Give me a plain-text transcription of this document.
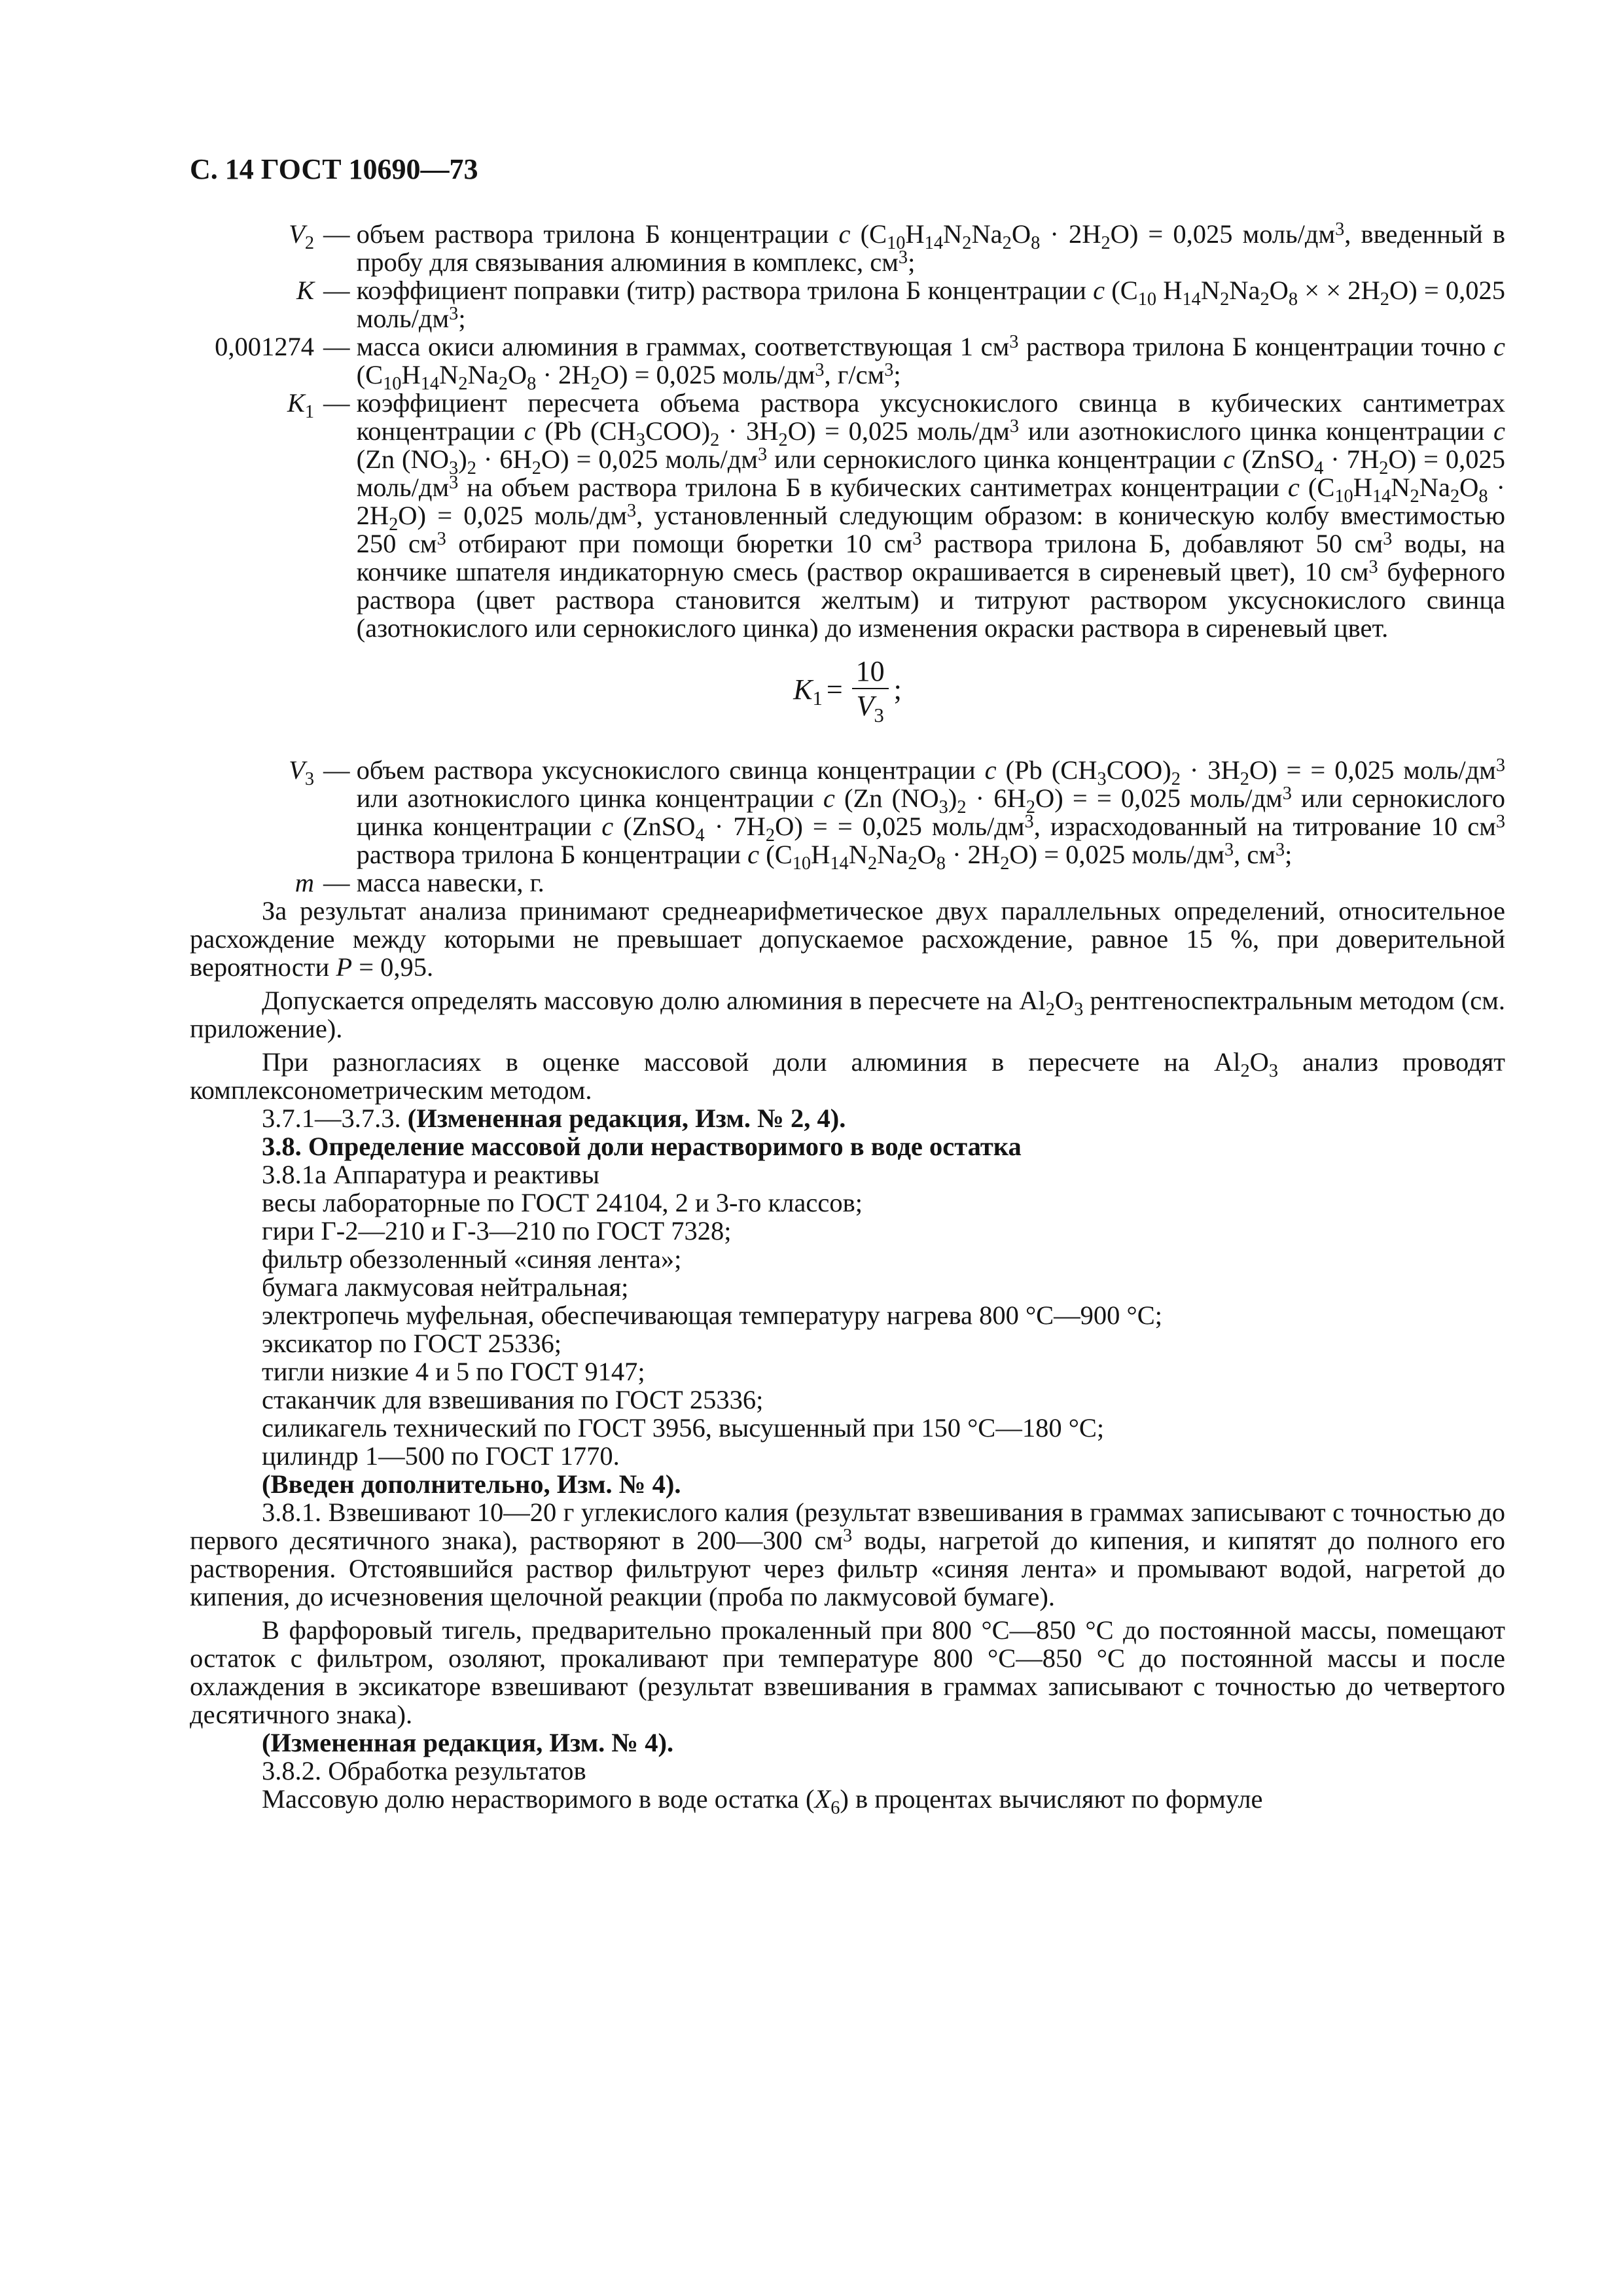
С. 14 ГОСТ 10690—73
$V_2$ — объем раствора трилона Б концентрации c $(C_{10}H_{14}N_2Na_2O_8 \cdot 2H_2O) = 0,025$ моль/$дм^3$, введенный в пробу для связывания алюминия в комплекс, $см^3$;
K — коэффициент поправки (титр) раствора трилона Б концентрации c ($C_{10}$ $H_{14}N_2Na_2O_8$ × × $2H_2O) = 0,025$ моль/$дм^3$;
0,001274 — масса окиси алюминия в граммах, соответствующая 1 $см^3$ раствора трилона Б концентрации точно c $(C_{10}H_{14}N_2Na_2O_8 \cdot 2H_2O) = 0,025$ моль/$дм^3$, $г/см^3$;
$K_1$ — коэффициент пересчета объема раствора уксуснокислого свинца в кубических сантиметрах концентрации c (Pb $(CH_3COO)_2 \cdot 3H_2O) = 0,025$ моль/$дм^3$ или азотнокислого цинка концентрации c (Zn $(NO_3)_2 \cdot 6H_2O) = 0,025$ моль/$дм^3$ или сернокислого цинка концентрации c (ZnSO$_4$ · $7H_2O) = 0,025$ моль/$дм^3$ на объем раствора трилона Б в кубических сантиметрах концентрации c $(C_{10}H_{14}N_2Na_2O_8 \cdot 2H_2O) = 0,025$ моль/$дм^3$, установленный следующим образом: в коническую колбу вместимостью 250 $см^3$ отбирают при помощи бюретки 10 $см^3$ раствора трилона Б, добавляют 50 $см^3$ воды, на кончике шпателя индикаторную смесь (раствор окрашивается в сиреневый цвет), 10 $см^3$ буферного раствора (цвет раствора становится желтым) и титруют раствором уксуснокислого свинца (азотнокислого или сернокислого цинка) до изменения окраски раствора в сиреневый цвет.
$K_1 = \frac{10}{V_3}$ ;
$V_3$ — объем раствора уксуснокислого свинца концентрации c (Pb $(CH_3COO)_2 \cdot 3H_2O$) = = 0,025 моль/$дм^3$ или азотнокислого цинка концентрации c (Zn $(NO_3)_2 \cdot 6H_2O$) = = 0,025 моль/$дм^3$ или сернокислого цинка концентрации c (ZnSO$_4$ · $7H_2O$) = = 0,025 моль/$дм^3$, израсходованный на титрование 10 $см^3$ раствора трилона Б концентрации c $(C_{10}H_{14}N_2Na_2O_8 \cdot 2H_2O) = 0,025$ моль/$дм^3$, $см^3$;
m — масса навески, г.
За результат анализа принимают среднеарифметическое двух параллельных определений, относительное расхождение между которыми не превышает допускаемое расхождение, равное 15 %, при доверительной вероятности P = 0,95.
Допускается определять массовую долю алюминия в пересчете на $Al_2O_3$ рентгеноспектральным методом (см. приложение).
При разногласиях в оценке массовой доли алюминия в пересчете на $Al_2O_3$ анализ проводят комплексонометрическим методом.
3.7.1—3.7.3. (Измененная редакция, Изм. № 2, 4).
3.8. Определение массовой доли нерастворимого в воде остатка
3.8.1а Аппаратура и реактивы
весы лабораторные по ГОСТ 24104, 2 и 3-го классов;
гири Г-2—210 и Г-3—210 по ГОСТ 7328;
фильтр обеззоленный «синяя лента»;
бумага лакмусовая нейтральная;
электропечь муфельная, обеспечивающая температуру нагрева 800 °С—900 °С;
эксикатор по ГОСТ 25336;
тигли низкие 4 и 5 по ГОСТ 9147;
стаканчик для взвешивания по ГОСТ 25336;
силикагель технический по ГОСТ 3956, высушенный при 150 °С—180 °С;
цилиндр 1—500 по ГОСТ 1770.
(Введен дополнительно, Изм. № 4).
3.8.1. Взвешивают 10—20 г углекислого калия (результат взвешивания в граммах записывают с точностью до первого десятичного знака), растворяют в 200—300 $см^3$ воды, нагретой до кипения, и кипятят до полного его растворения. Отстоявшийся раствор фильтруют через фильтр «синяя лента» и промывают водой, нагретой до кипения, до исчезновения щелочной реакции (проба по лакмусовой бумаге).
В фарфоровый тигель, предварительно прокаленный при 800 °С—850 °С до постоянной массы, помещают остаток с фильтром, озоляют, прокаливают при температуре 800 °С—850 °С до постоянной массы и после охлаждения в эксикаторе взвешивают (результат взвешивания в граммах записывают с точностью до четвертого десятичного знака).
(Измененная редакция, Изм. № 4).
3.8.2. Обработка результатов
Массовую долю нерастворимого в воде остатка $(X_6)$ в процентах вычисляют по формуле
